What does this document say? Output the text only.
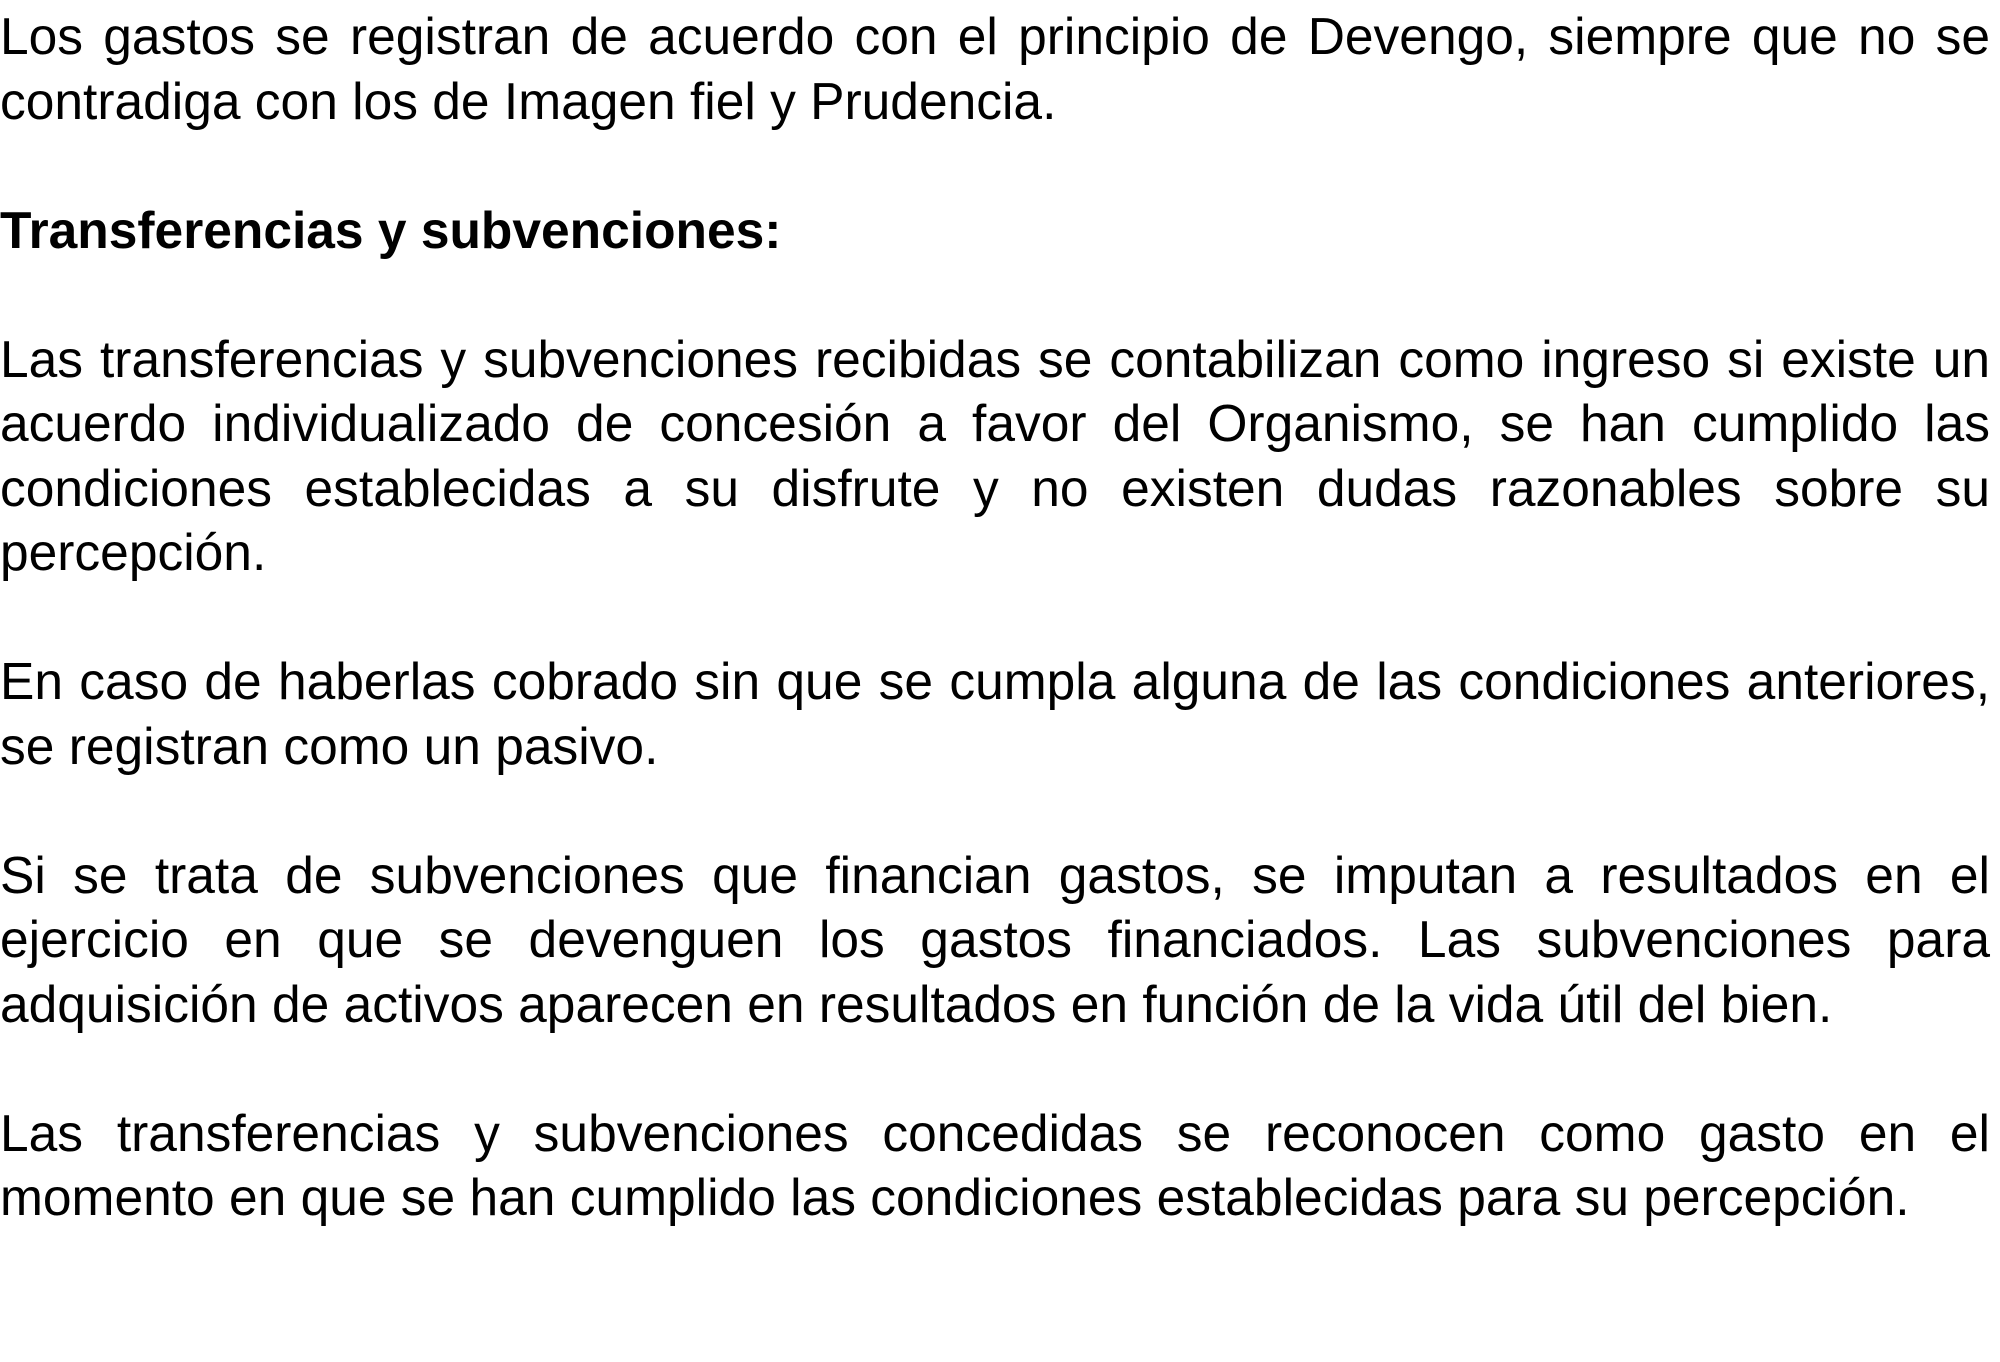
Los gastos se registran de acuerdo con el principio de Devengo, siempre que no se contradiga con los de Imagen fiel y Prudencia.

Transferencias y subvenciones:

Las transferencias y subvenciones recibidas se contabilizan como ingreso si existe un acuerdo individualizado de concesión a favor del Organismo, se han cumplido las condiciones establecidas a su disfrute y no existen dudas razonables sobre su percepción.

En caso de haberlas cobrado sin que se cumpla alguna de las condiciones anteriores, se registran como un pasivo.

Si se trata de subvenciones que financian gastos, se imputan a resultados en el ejercicio en que se devenguen los gastos financiados. Las subvenciones para adquisición de activos aparecen en resultados en función de la vida útil del bien.

Las transferencias y subvenciones concedidas se reconocen como gasto en el momento en que se han cumplido las condiciones establecidas para su percepción.
